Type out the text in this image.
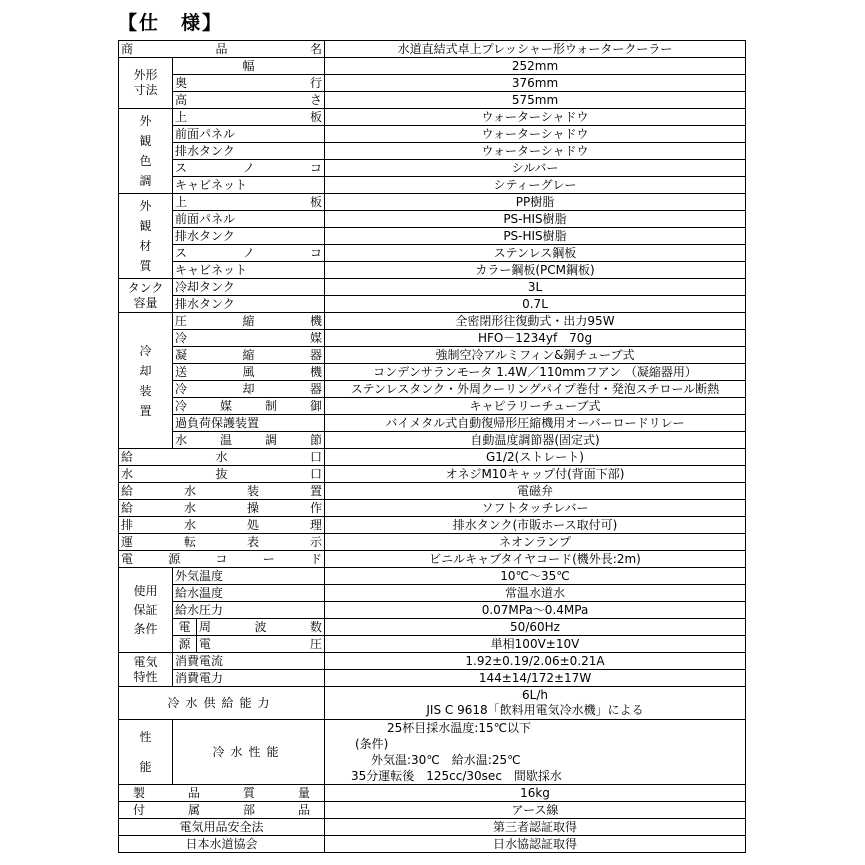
【仕　様】
商品名			水道直結式卓上プレッシャー形ウォータークーラー

外形
寸法	幅		252mm
	奥行		376mm
	高さ		575mm

外
観
色
調	上板		ウォーターシャドウ
	前面パネル		ウォーターシャドウ
	排水タンク		ウォーターシャドウ
	スノコ		シルバー
	キャビネット		シティーグレー

外
観
材
質	上板		PP樹脂
	前面パネル		PS-HIS樹脂
	排水タンク		PS-HIS樹脂
	スノコ		ステンレス鋼板
	キャビネット		カラー鋼板(PCM鋼板)

タンク
容量	冷却タンク		3L
	排水タンク		0.7L

冷
却
装
置	圧縮機		全密閉形往復動式・出力95W
	冷媒		HFO－1234yf　70g
	凝縮器		強制空冷アルミフィン&銅チューブ式
	送風機		コンデンサランモータ 1.4W／110mmフアン （凝縮器用）
	冷却器		ステンレスタンク・外周クーリングパイプ巻付・発泡スチロール断熱
	冷媒制御		キャピラリーチューブ式
	過負荷保護装置		バイメタル式自動復帰形圧縮機用オーバーロードリレー
	水温調節		自動温度調節器(固定式)
給水口			G1/2(ストレート)
水抜口			オネジM10キャップ付(背面下部)
給水装置			電磁弁
給水操作			ソフトタッチレバー
排水処理			排水タンク(市販ホース取付可)
運転表示			ネオンランプ
電源コード			ビニルキャブタイヤコード(機外長:2m)

使用
保証
条件	外気温度		10℃～35℃
	給水温度		常温水道水
	給水圧力		0.07MPa～0.4MPa
	電	周波数	50/60Hz
	源	電圧	単相100V±10V

電気
特性	消費電流		1.92±0.19/2.06±0.21A
	消費電力		144±14/172±17W
冷水供給能力			6L/h
JIS C 9618「飲料用電気冷水機」による

性
能	冷水性能		25杯目採水温度:15℃以下
(条件)
外気温:30℃　給水温:25℃
35分運転後　125cc/30sec　間歇採水

製品質量			16kg
付属部品			アース線
電気用品安全法			第三者認証取得
日本水道協会			日水協認証取得
